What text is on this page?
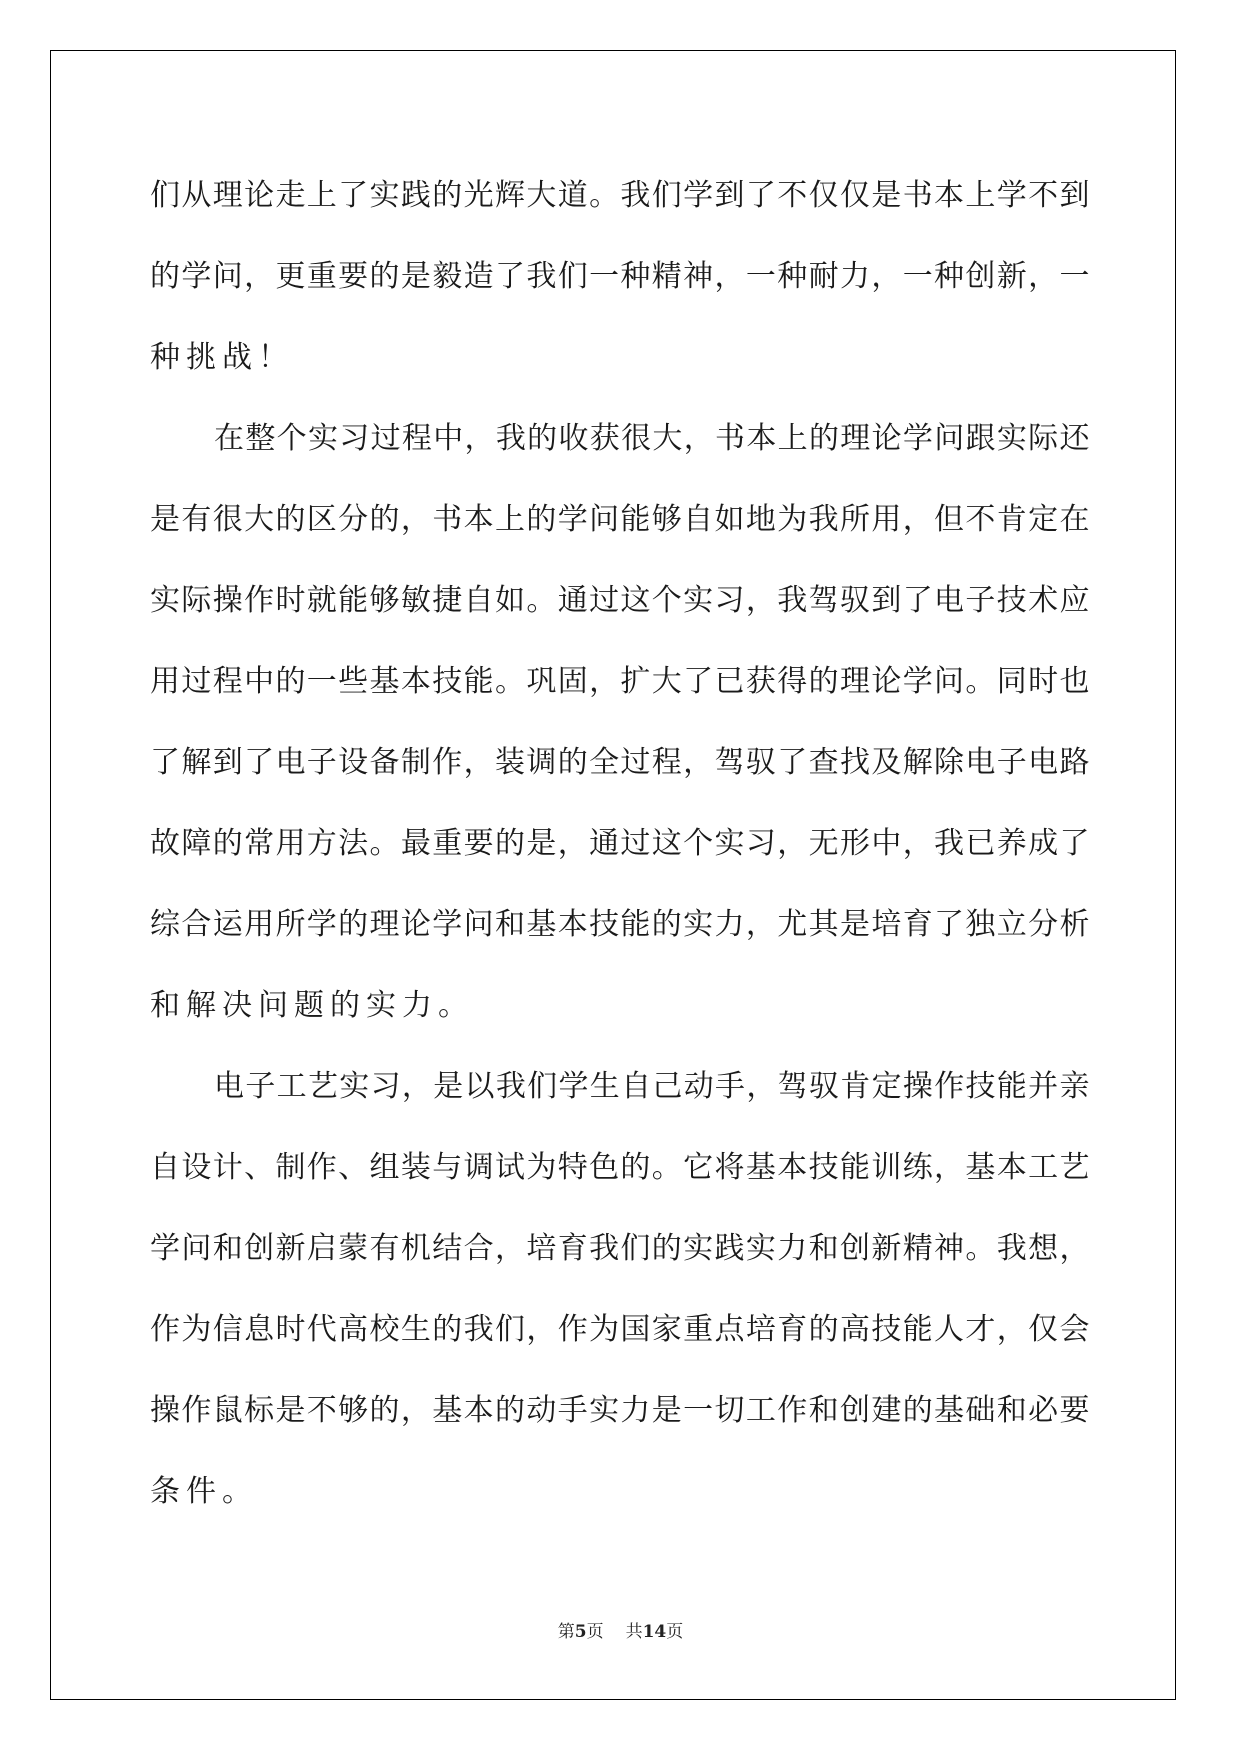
们从理论走上了实践的光辉大道。我们学到了不仅仅是书本上学不到
的学问，更重要的是毅造了我们一种精神，一种耐力，一种创新，一
种挑战！
在整个实习过程中，我的收获很大，书本上的理论学问跟实际还
是有很大的区分的，书本上的学问能够自如地为我所用，但不肯定在
实际操作时就能够敏捷自如。通过这个实习，我驾驭到了电子技术应
用过程中的一些基本技能。巩固，扩大了已获得的理论学问。同时也
了解到了电子设备制作，装调的全过程，驾驭了查找及解除电子电路
故障的常用方法。最重要的是，通过这个实习，无形中，我已养成了
综合运用所学的理论学问和基本技能的实力，尤其是培育了独立分析
和解决问题的实力。
电子工艺实习，是以我们学生自己动手，驾驭肯定操作技能并亲
自设计、制作、组装与调试为特色的。它将基本技能训练，基本工艺
学问和创新启蒙有机结合，培育我们的实践实力和创新精神。我想，
作为信息时代高校生的我们，作为国家重点培育的高技能人才，仅会
操作鼠标是不够的，基本的动手实力是一切工作和创建的基础和必要
条件。
第5页 共14页
